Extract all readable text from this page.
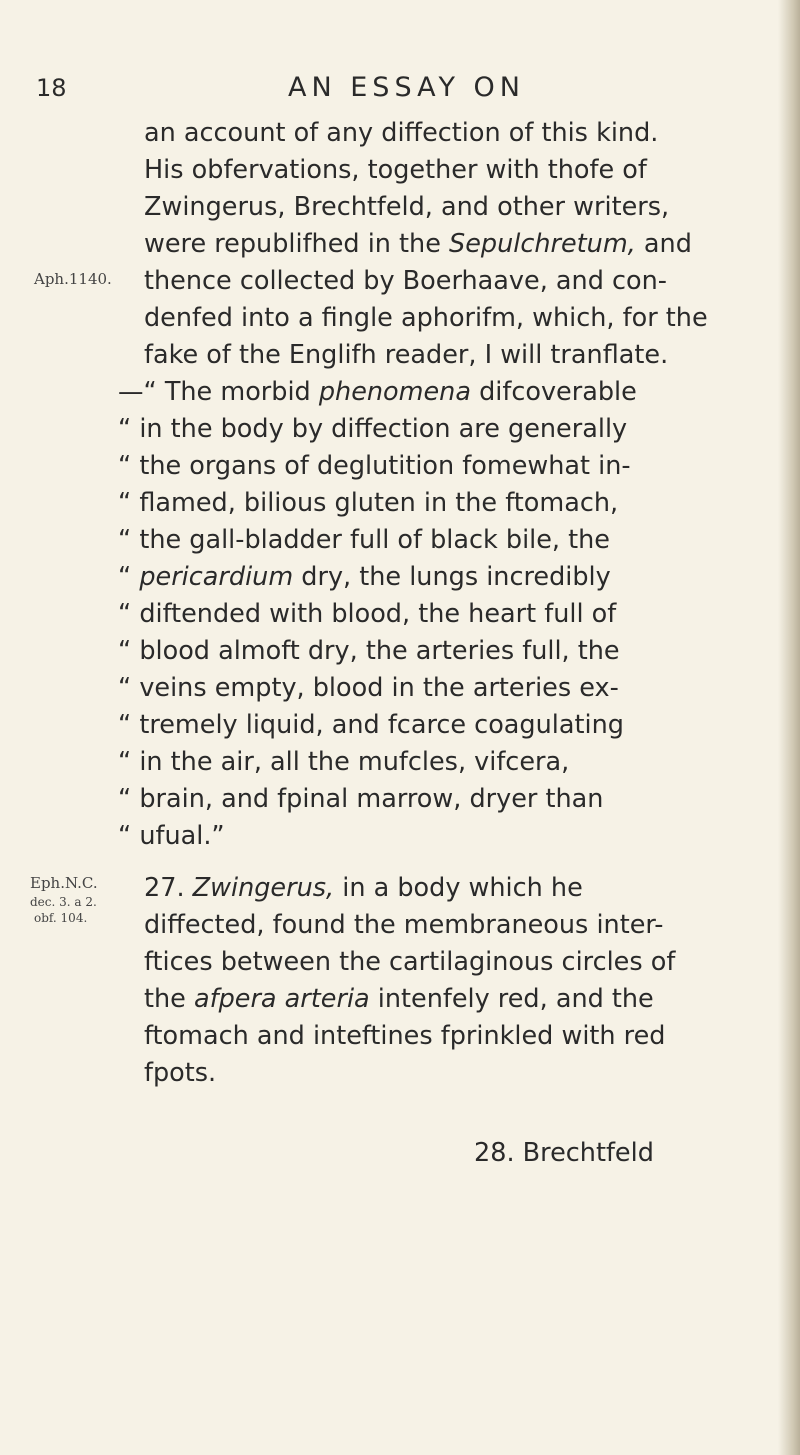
18	AN ESSAY ON
an account of any diffection of this kind.
His obfervations, together with thofe of
Zwingerus, Brechtfeld, and other writers,
were republifhed in the Sepulchretum, and
thence collected by Boerhaave, and con-
denfed into a fingle aphorifm, which, for the
fake of the Englifh reader, I will tranflate.
Aph.1140.
—“ The morbid phenomena difcoverable
“ in the body by diffection are generally
“ the organs of deglutition fomewhat in-
“ flamed, bilious gluten in the ftomach,
“ the gall-bladder full of black bile, the
“ pericardium dry, the lungs incredibly
“ diftended with blood, the heart full of
“ blood almoft dry, the arteries full, the
“ veins empty, blood in the arteries ex-
“ tremely liquid, and fcarce coagulating
“ in the air, all the mufcles, vifcera,
“ brain, and fpinal marrow, dryer than
“ ufual.”
Eph.N.C.
dec. 3. a 2.
obf. 104.
27. Zwingerus, in a body which he
diffected, found the membraneous inter-
ftices between the cartilaginous circles of
the afpera arteria intenfely red, and the
ftomach and inteftines fprinkled with red
fpots.
28. Brechtfeld
